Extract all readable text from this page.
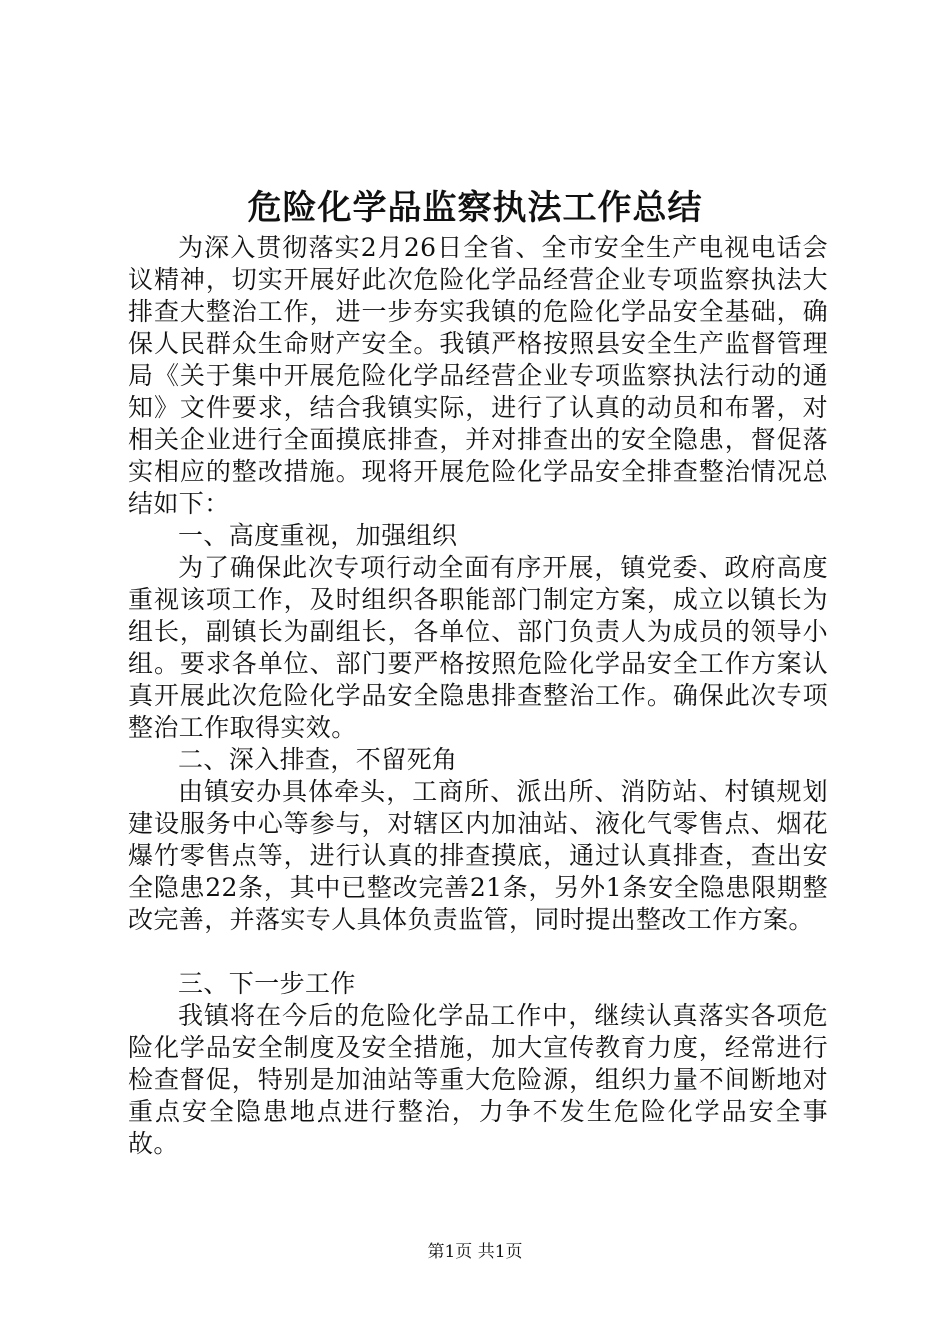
危险化学品监察执法工作总结

为深入贯彻落实2月26日全省、全市安全生产电视电话会议精神，切实开展好此次危险化学品经营企业专项监察执法大排查大整治工作，进一步夯实我镇的危险化学品安全基础，确保人民群众生命财产安全。我镇严格按照县安全生产监督管理局《关于集中开展危险化学品经营企业专项监察执法行动的通知》文件要求，结合我镇实际，进行了认真的动员和布署，对相关企业进行全面摸底排查，并对排查出的安全隐患，督促落实相应的整改措施。现将开展危险化学品安全排查整治情况总结如下：

一、高度重视，加强组织

为了确保此次专项行动全面有序开展，镇党委、政府高度重视该项工作，及时组织各职能部门制定方案，成立以镇长为组长，副镇长为副组长，各单位、部门负责人为成员的领导小组。要求各单位、部门要严格按照危险化学品安全工作方案认真开展此次危险化学品安全隐患排查整治工作。确保此次专项整治工作取得实效。

二、深入排查，不留死角

由镇安办具体牵头，工商所、派出所、消防站、村镇规划建设服务中心等参与，对辖区内加油站、液化气零售点、烟花爆竹零售点等，进行认真的排查摸底，通过认真排查，查出安全隐患22条，其中已整改完善21条，另外1条安全隐患限期整改完善，并落实专人具体负责监管，同时提出整改工作方案。

三、下一步工作

我镇将在今后的危险化学品工作中，继续认真落实各项危险化学品安全制度及安全措施，加大宣传教育力度，经常进行检查督促，特别是加油站等重大危险源，组织力量不间断地对重点安全隐患地点进行整治，力争不发生危险化学品安全事故。

第1页 共1页
